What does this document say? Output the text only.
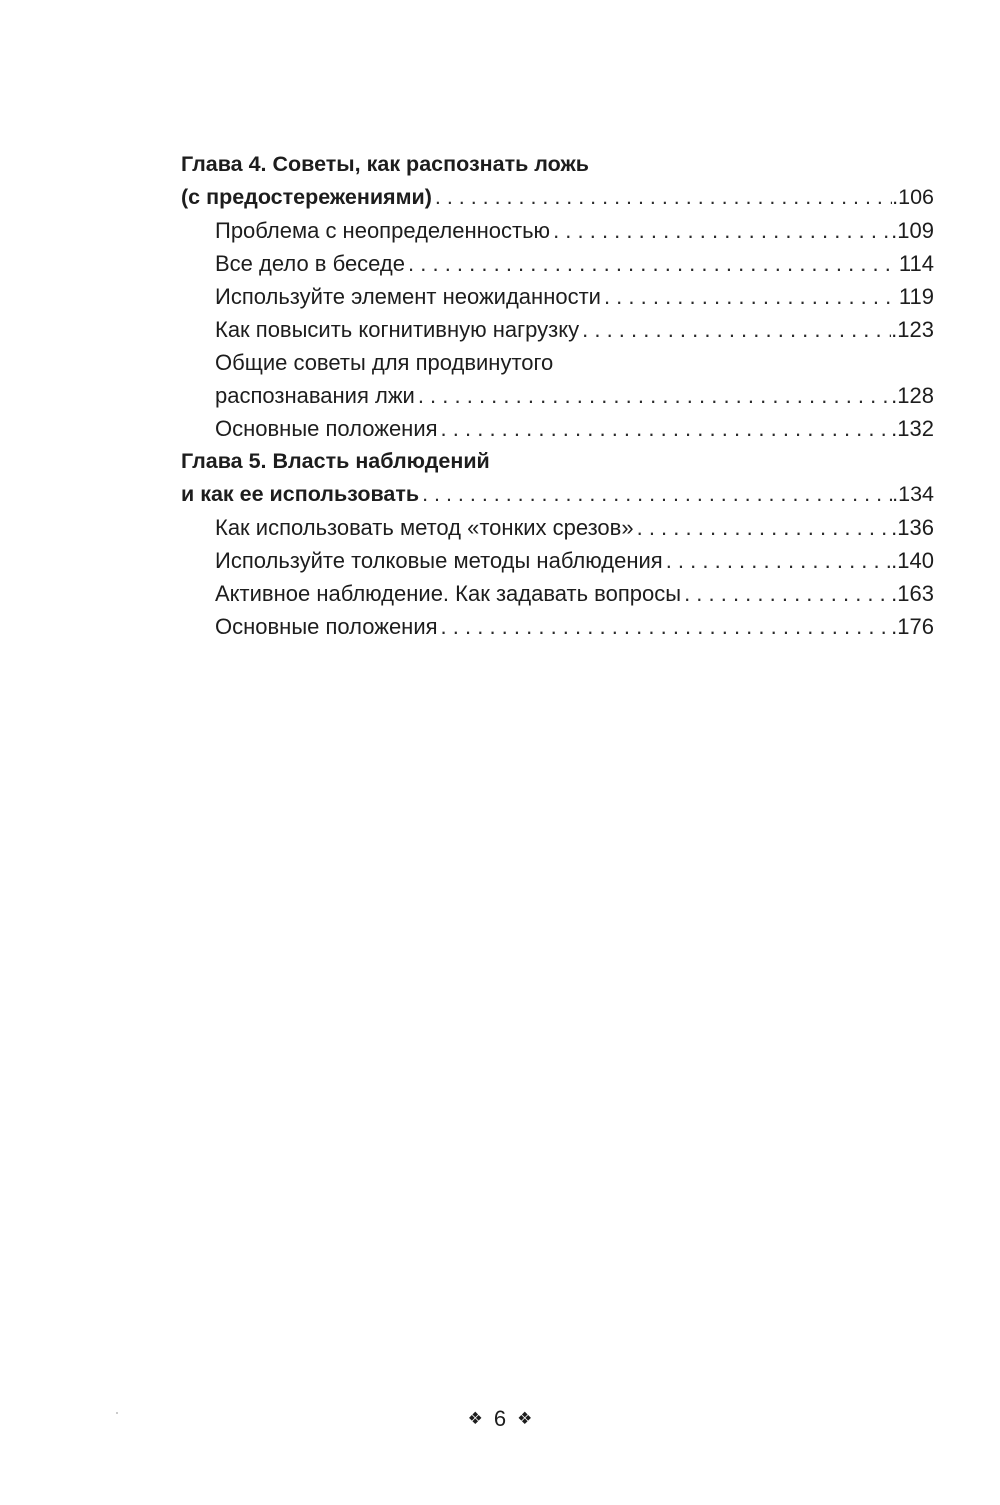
Глава 4. Советы, как распознать ложь
(с предостережениями) . . .	.106
Проблема с неопределенностью . . .	.109
Все дело в беседе . . .	114
Используйте элемент неожиданности . . .	119
Как повысить когнитивную нагрузку . . .	.123
Общие советы для продвинутого
распознавания лжи . . .	.128
Основные положения . . .	.132
Глава 5. Власть наблюдений
и как ее использовать . . .	.134
Как использовать метод «тонких срезов» . . .	.136
Используйте толковые методы наблюдения . . .	.140
Активное наблюдение. Как задавать вопросы . . .	.163
Основные положения . . .	.176
❖ 6 ❖
